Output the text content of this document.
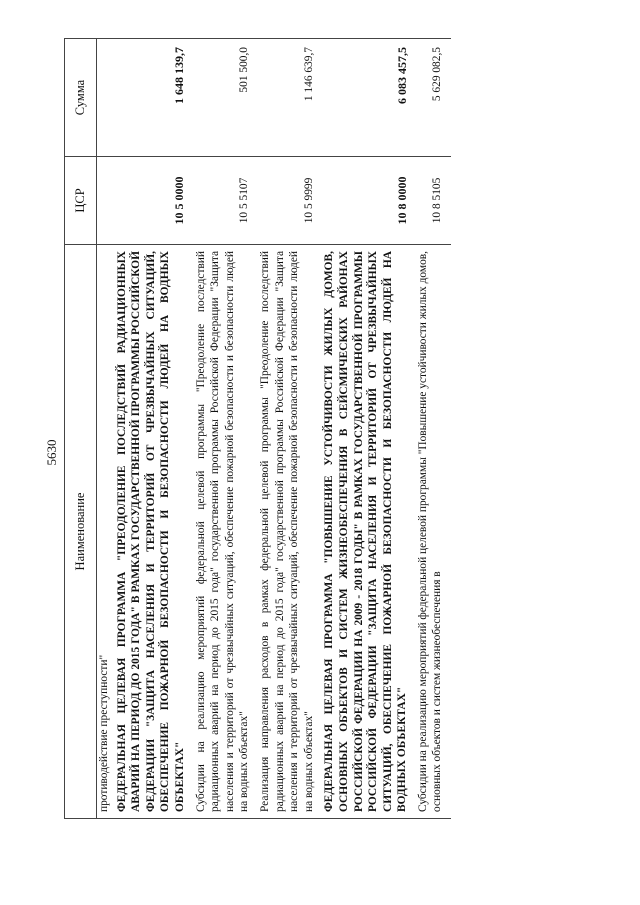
5630
Наименование	ЦСР	Сумма
противодействие преступности"		
ФЕДЕРАЛЬНАЯ ЦЕЛЕВАЯ ПРОГРАММА "ПРЕОДОЛЕНИЕ ПОСЛЕДСТВИЙ РАДИАЦИОННЫХ АВАРИЙ НА ПЕРИОД ДО 2015 ГОДА" В РАМКАХ ГОСУДАРСТВЕННОЙ ПРОГРАММЫ РОССИЙСКОЙ ФЕДЕРАЦИИ "ЗАЩИТА НАСЕЛЕНИЯ И ТЕРРИТОРИЙ ОТ ЧРЕЗВЫЧАЙНЫХ СИТУАЦИЙ, ОБЕСПЕЧЕНИЕ ПОЖАРНОЙ БЕЗОПАСНОСТИ И БЕЗОПАСНОСТИ ЛЮДЕЙ НА ВОДНЫХ ОБЪЕКТАХ"	10 5 0000	1 648 139,7
Субсидии на реализацию мероприятий федеральной целевой программы "Преодоление последствий радиационных аварий на период до 2015 года" государственной программы Российской Федерации "Защита населения и территорий от чрезвычайных ситуаций, обеспечение пожарной безопасности и безопасности людей на водных объектах"	10 5 5107	501 500,0
Реализация направления расходов в рамках федеральной целевой программы "Преодоление последствий радиационных аварий на период до 2015 года" государственной программы Российской Федерации "Защита населения и территорий от чрезвычайных ситуаций, обеспечение пожарной безопасности и безопасности людей на водных объектах"	10 5 9999	1 146 639,7
ФЕДЕРАЛЬНАЯ ЦЕЛЕВАЯ ПРОГРАММА "ПОВЫШЕНИЕ УСТОЙЧИВОСТИ ЖИЛЫХ ДОМОВ, ОСНОВНЫХ ОБЪЕКТОВ И СИСТЕМ ЖИЗНЕОБЕСПЕЧЕНИЯ В СЕЙСМИЧЕСКИХ РАЙОНАХ РОССИЙСКОЙ ФЕДЕРАЦИИ НА 2009 - 2018 ГОДЫ" В РАМКАХ ГОСУДАРСТВЕННОЙ ПРОГРАММЫ РОССИЙСКОЙ ФЕДЕРАЦИИ "ЗАЩИТА НАСЕЛЕНИЯ И ТЕРРИТОРИЙ ОТ ЧРЕЗВЫЧАЙНЫХ СИТУАЦИЙ, ОБЕСПЕЧЕНИЕ ПОЖАРНОЙ БЕЗОПАСНОСТИ И БЕЗОПАСНОСТИ ЛЮДЕЙ НА ВОДНЫХ ОБЪЕКТАХ"	10 8 0000	6 083 457,5
Субсидии на реализацию мероприятий федеральной целевой программы "Повышение устойчивости жилых домов, основных объектов и систем жизнеобеспечения в	10 8 5105	5 629 082,5
